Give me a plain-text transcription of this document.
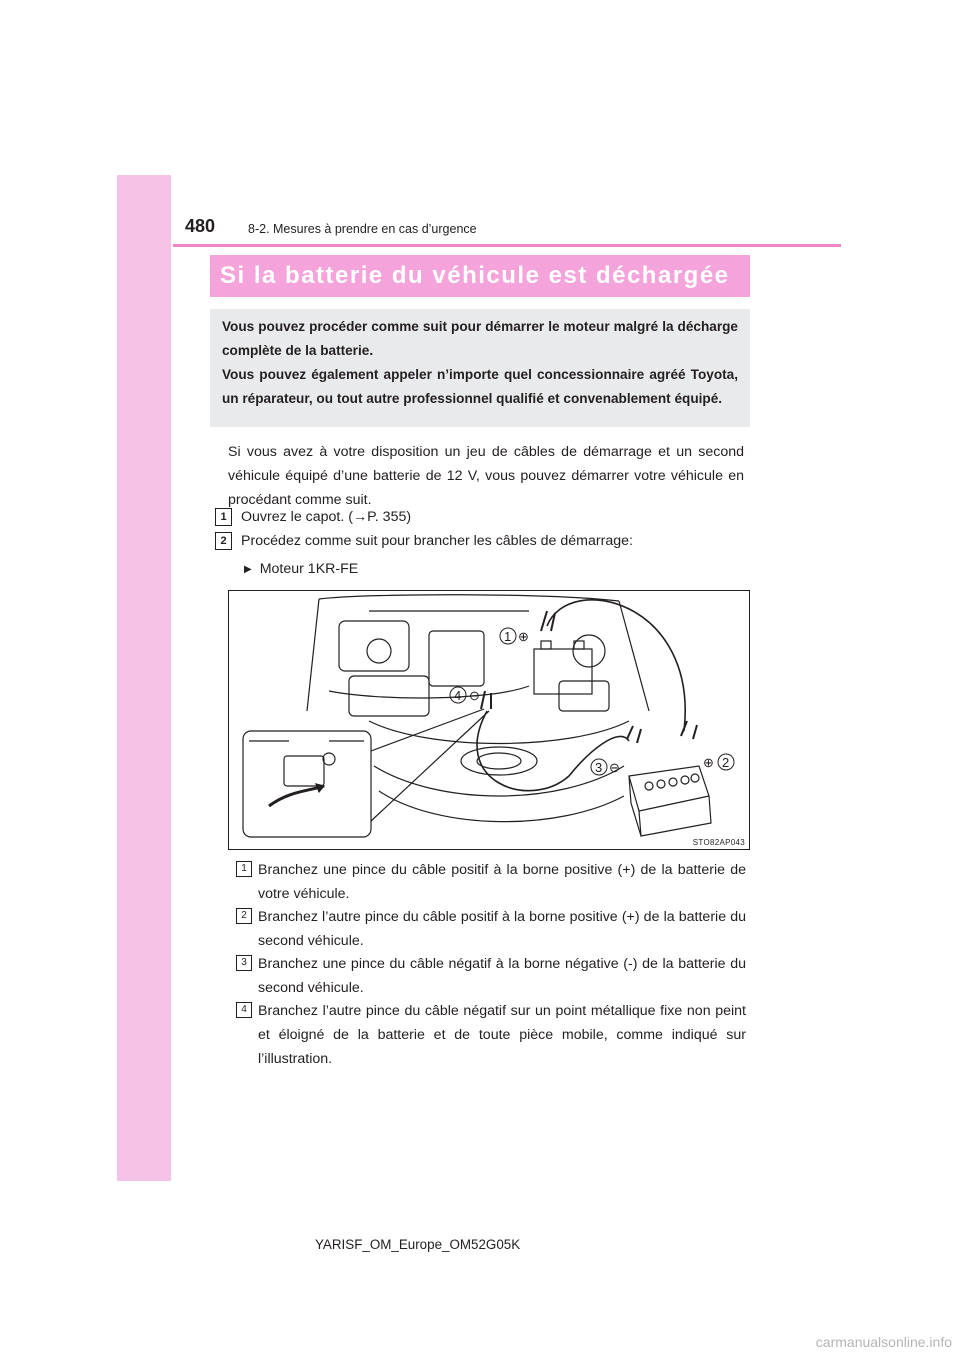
480	8-2. Mesures à prendre en cas d’urgence
Si la batterie du véhicule est déchargée

Vous pouvez procéder comme suit pour démarrer le moteur malgré la décharge complète de la batterie.

Vous pouvez également appeler n’importe quel concessionnaire agréé Toyota, un réparateur, ou tout autre professionnel qualifié et convenablement équipé.

Si vous avez à votre disposition un jeu de câbles de démarrage et un second véhicule équipé d’une batterie de 12 V, vous pouvez démarrer votre véhicule en procédant comme suit.
1	Ouvrez le capot. (→P. 355)
2	Procédez comme suit pour brancher les câbles de démarrage:
▶ Moteur 1KR-FE
1 ⊕
2
⊕
3 ⊖
4 ⊖
STO82AP043
1 Branchez une pince du câble positif à la borne positive (+) de la batterie de votre véhicule.
2 Branchez l’autre pince du câble positif à la borne positive (+) de la batterie du second véhicule.
3 Branchez une pince du câble négatif à la borne négative (-) de la batterie du second véhicule.
4 Branchez l’autre pince du câble négatif sur un point métallique fixe non peint et éloigné de la batterie et de toute pièce mobile, comme indiqué sur l’illustration.
YARISF_OM_Europe_OM52G05K
carmanualsonline.info
